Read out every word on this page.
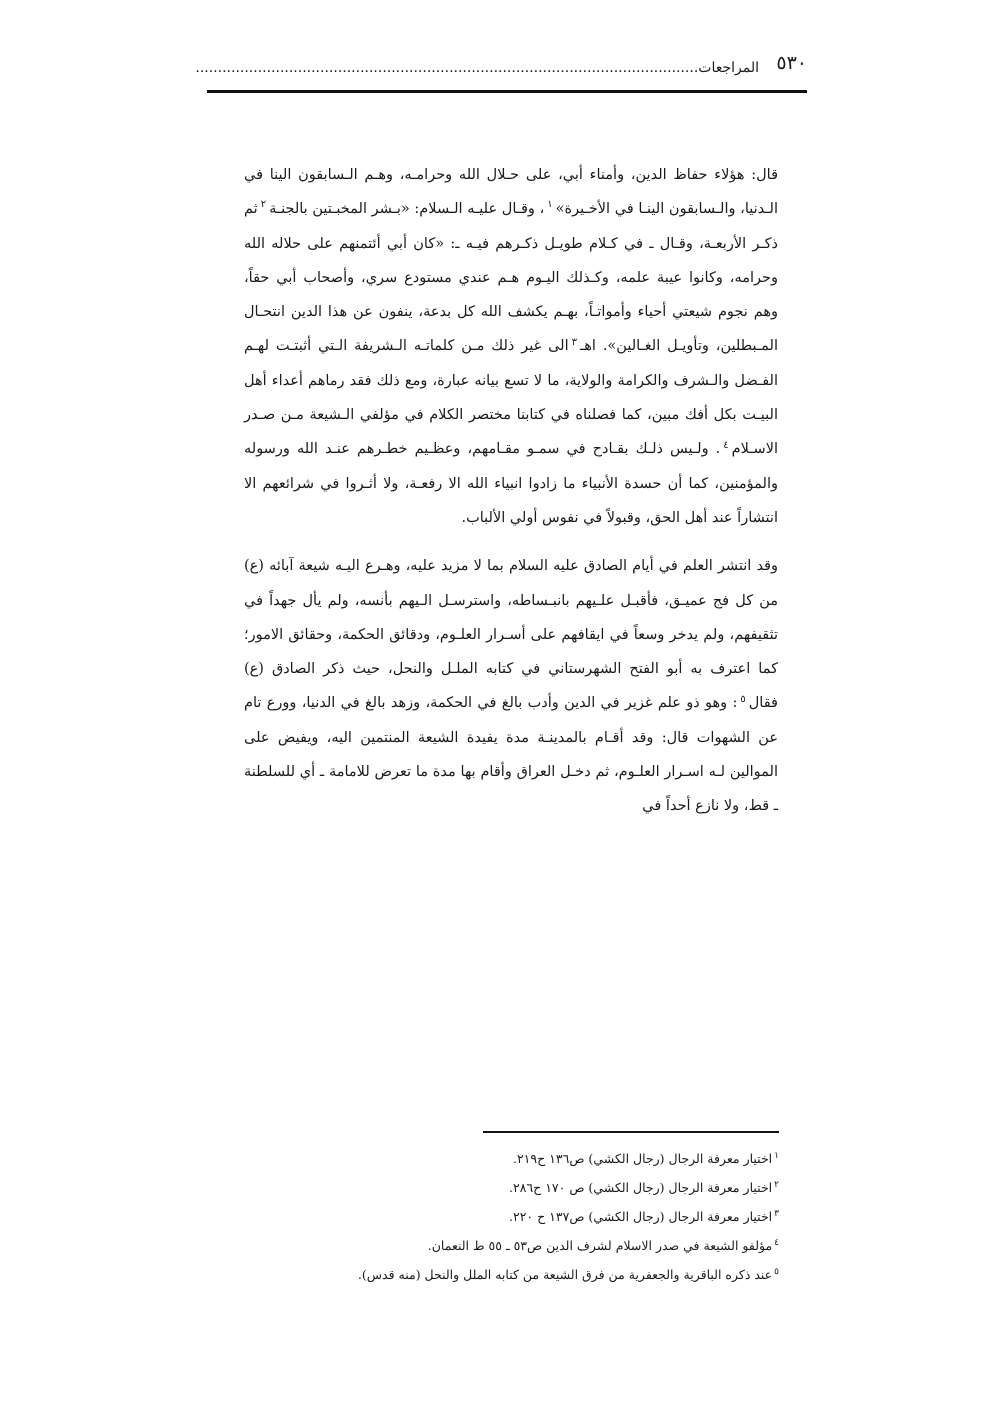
٥٣٠
المراجعات.................................................................................................................

قال: هؤلاء حفاظ الدين، وأمناء أبي، على حـلال الله وحرامـه، وهـم الـسابقون الينا في الـدنيا، والـسابقون الينـا في الأخـيرة»$^١$، وقـال عليـه الـسلام: «بـشر المخبـتين بالجنـة$^٢$ثم ذكـر الأربعـة، وقـال ـ في كـلام طويـل ذكـرهم فيـه ـ: «كان أبي أئتمنهم على حلاله الله وحرامه، وكانوا عيبة علمه، وكـذلك اليـوم هـم عندي مستودع سري، وأصحاب أبي حقاً، وهم نجوم شيعتي أحياء وأمواتـاً، بهـم يكشف الله كل بدعة، ينفون عن هذا الدين انتحـال المـبطلين، وتأويـل الغـالين». اهـ$^٣$الى غير ذلك مـن كلماتـه الـشريفة الـتي أثبتـت لهـم الفـضل والـشرف والكرامة والولاية، ما لا تسع بيانه عبارة، ومع ذلك فقد رماهم أعداء أهل البيـت بكل أفك مبين، كما فصلناه في كتابنا مختصر الكلام في مؤلفي الـشيعة مـن صـدر الاسـلام$^٤$. ولـيس ذلـك بقـادح في سمـو مقـامهم، وعظـيم خطـرهم عنـد الله ورسوله والمؤمنين، كما أن حسدة الأنبياء ما زادوا انبياء الله الا رفعـة، ولا أثـروا في شرائعهم الا انتشاراً عند أهل الحق، وقبولاً في نفوس أولي الألباب.

وقد انتشر العلم في أيام الصادق عليه السلام بما لا مزيد عليه، وهـرع اليـه شيعة آبائه (ع) من كل فج عميـق، فأقبـل علـيهم بانبـساطه، واسترسـل الـيهم بأنسه، ولم يأل جهداً في تثقيفهم، ولم يدخر وسعاً في ايقافهم على أسـرار العلـوم، ودقائق الحكمة، وحقائق الامور؛ كما اعترف به أبو الفتح الشهرستاني في كتابه الملـل والنحل، حيث ذكر الصادق (ع) فقال$^٥$: وهو ذو علم غزير في الدين وأدب بالغ في الحكمة، وزهد بالغ في الدنيا، وورع تام عن الشهوات قال: وقد أقـام بالمدينـة مدة يفيدة الشيعة المنتمين اليه، ويفيض على الموالين لـه اسـرار العلـوم، ثم دخـل العراق وأقام بها مدة ما تعرض للامامة ـ أي للسلطنة ـ قط، ولا نازع أحداً في

$^١$اختيار معرفة الرجال (رجال الكشي) ص١٣٦ ح٢١٩.
$^٢$اختيار معرفة الرجال (رجال الكشي) ص ١٧٠ ح٢٨٦.
$^٣$اختيار معرفة الرجال (رجال الكشي) ص١٣٧ ح ٢٢٠.
$^٤$مؤلفو الشيعة في صدر الاسلام لشرف الدين ص٥٣ ـ ٥٥ ط النعمان.
$^٥$عند ذكره الباقرية والجعفرية من فرق الشيعة من كتابه الملل والنحل (منه قدس).
